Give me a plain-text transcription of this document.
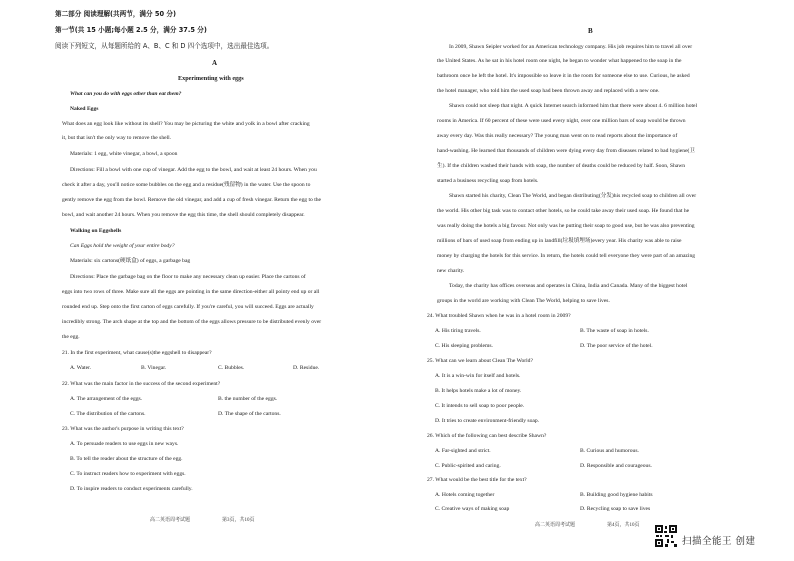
第二部分 阅读理解(共两节，满分 50 分)

第一节(共 15 小题;每小题 2.5 分，满分 37.5 分)

阅读下列短文，从每题所给的 A、B、C 和 D 四个选项中，选出最佳选项。

A

Experimenting with eggs

What can you do with eggs other than eat them?

Naked Eggs

What does an egg look like without its shell? You may be picturing the white and yolk in a bowl after cracking

it, but that isn't the only way to remove the shell.

Materials: 1 egg, white vinegar, a bowl, a spoon

Directions: Fill a bowl with one cup of vinegar. Add the egg to the bowl, and wait at least 24 hours. When you

check it after a day, you'll notice some bubbles on the egg and a residue(残留物) in the water. Use the spoon to

gently remove the egg from the bowl. Remove the old vinegar, and add a cup of fresh vinegar. Return the egg to the

bowl, and wait another 24 hours. When you remove the egg this time, the shell should completely disappear.

Walking on Eggshells

Can Eggs hold the weight of your entire body?

Materials: six cartons(硬纸盒) of eggs, a garbage bag

Directions: Place the garbage bag on the floor to make any necessary clean up easier. Place the cartons of

eggs into two rows of three. Make sure all the eggs are pointing in the same direction-either all pointy end up or all

rounded end up. Step onto the first carton of eggs carefully. If you're careful, you will succeed. Eggs are actually

incredibly strong. The arch shape at the top and the bottom of the eggs allows pressure to be distributed evenly over

the egg.

21. In the first experiment, what cause(s)the eggshell to disappear?

A. Water.	B. Vinegar.	C. Bubbles.	D. Residue.

22. What was the main factor in the success of the second experiment?

A. The arrangement of the eggs.	B. the number of the eggs.

C. The distribution of the cartons.	D. The shape of the cartons.

23. What was the author's purpose in writing this text?

A. To persuade readers to use eggs in new ways.

B. To tell the reader about the structure of the egg.

C. To instruct readers how to experiment with eggs.

D. To inspire readers to conduct experiments carefully.

高二英语周考试题	第3页，共10页

B

In 2009, Shawn Seipler worked for an American technology company. His job requires him to travel all over

the United States. As he sat in his hotel room one night, he began to wonder what happened to the soap in the

bathroom once he left the hotel. It's impossible so leave it in the room for someone else to use. Curious, he asked

the hotel manager, who told him the used soap had been thrown away and replaced with a new one.

Shawn could not sleep that night. A quick Internet search informed him that there were about 4. 6 million hotel

rooms in America. If 60 percent of these were used every night, over one million bars of soap would be thrown

away every day. Was this really necessary? The young man went on to read reports about the importance of

hand-washing. He learned that thousands of children were dying every day from diseases related to bad hygiene(卫

生). If the children washed their hands with soap, the number of deaths could be reduced by half. Soon, Shawn

started a business recycling soap from hotels.

Shawn started his charity, Clean The World, and began distributing(分发)his recycled soap to children all over

the world. His other big task was to contact other hotels, so he could take away their used soap. He found that he

was really doing the hotels a big favour. Not only was he putting their soap to good use, but he was also preventing

millions of bars of used soap from ending up in landfill(垃圾填埋场)every year. His charity was able to raise

money by charging the hotels for this service. In return, the hotels could tell everyone they were part of an amazing

new charity.

Today, the charity has offices overseas and operates in China, India and Canada. Many of the biggest hotel

groups in the world are working with Clean The World, helping to save lives.

24. What troubled Shawn when he was in a hotel room in 2009?

A. His tiring travels.	B. The waste of soap in hotels.

C. His sleeping problems.	D. The poor service of the hotel.

25. What can we learn about Clean The World?

A. It is a win-win for itself and hotels.

B. It helps hotels make a lot of money.

C. It intends to sell soap to poor people.

D. It tries to create environment-friendly soap.

26. Which of the following can best describe Shawn?

A. Far-sighted and strict.	B. Curious and humorous.

C. Public-spirited and caring.	D. Responsible and courageous.

27. What would be the best title for the text?

A. Hotels coming together	B. Building good hygiene habits

C. Creative ways of making soap	D. Recycling soap to save lives

高二英语周考试题	第4页，共10页

扫描全能王 创建
